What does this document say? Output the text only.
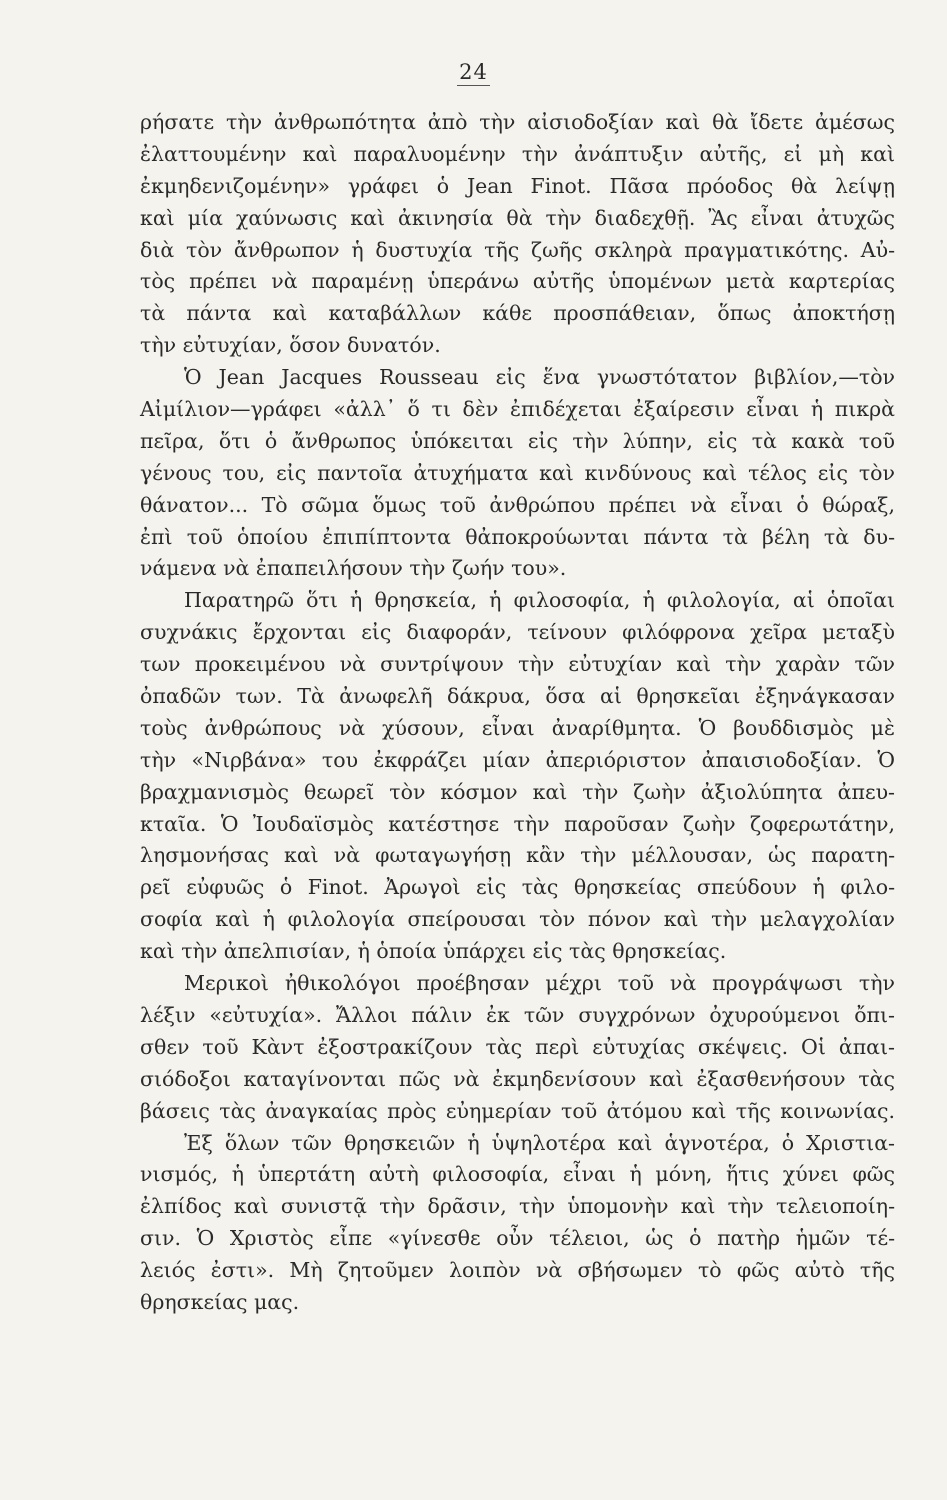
24
ρήσατε τὴν ἀνθρωπότητα ἀπὸ τὴν αἰσιοδοξίαν καὶ θὰ ἴδετε ἀμέσως
ἐλαττουμένην καὶ παραλυομένην τὴν ἀνάπτυξιν αὐτῆς, εἰ μὴ καὶ
ἐκμηδενιζομένην» γράφει ὁ Jean Finot. Πᾶσα πρόοδος θὰ λείψῃ
καὶ μία χαύνωσις καὶ ἀκινησία θὰ τὴν διαδεχθῇ. Ἂς εἶναι ἀτυχῶς
διὰ τὸν ἄνθρωπον ἡ δυστυχία τῆς ζωῆς σκληρὰ πραγματικότης. Αὐ-
τὸς πρέπει νὰ παραμένῃ ὑπεράνω αὐτῆς ὑπομένων μετὰ καρτερίας
τὰ πάντα καὶ καταβάλλων κάθε προσπάθειαν, ὅπως ἀποκτήσῃ
τὴν εὐτυχίαν, ὅσον δυνατόν.
Ὁ Jean Jacques Rousseau εἰς ἕνα γνωστότατον βιβλίον,—τὸν
Αἰμίλιον—γράφει «ἀλλ᾽ ὅ τι δὲν ἐπιδέχεται ἐξαίρεσιν εἶναι ἡ πικρὰ
πεῖρα, ὅτι ὁ ἄνθρωπος ὑπόκειται εἰς τὴν λύπην, εἰς τὰ κακὰ τοῦ
γένους του, εἰς παντοῖα ἀτυχήματα καὶ κινδύνους καὶ τέλος εἰς τὸν
θάνατον... Τὸ σῶμα ὅμως τοῦ ἀνθρώπου πρέπει νὰ εἶναι ὁ θώραξ,
ἐπὶ τοῦ ὁποίου ἐπιπίπτοντα θἀποκρούωνται πάντα τὰ βέλη τὰ δυ-
νάμενα νὰ ἐπαπειλήσουν τὴν ζωήν του».
Παρατηρῶ ὅτι ἡ θρησκεία, ἡ φιλοσοφία, ἡ φιλολογία, αἱ ὁποῖαι
συχνάκις ἔρχονται εἰς διαφοράν, τείνουν φιλόφρονα χεῖρα μεταξὺ
των προκειμένου νὰ συντρίψουν τὴν εὐτυχίαν καὶ τὴν χαρὰν τῶν
ὀπαδῶν των. Τὰ ἀνωφελῆ δάκρυα, ὅσα αἱ θρησκεῖαι ἐξηνάγκασαν
τοὺς ἀνθρώπους νὰ χύσουν, εἶναι ἀναρίθμητα. Ὁ βουδδισμὸς μὲ
τὴν «Νιρβάνα» του ἐκφράζει μίαν ἀπεριόριστον ἀπαισιοδοξίαν. Ὁ
βραχμανισμὸς θεωρεῖ τὸν κόσμον καὶ τὴν ζωὴν ἀξιολύπητα ἀπευ-
κταῖα. Ὁ Ἰουδαϊσμὸς κατέστησε τὴν παροῦσαν ζωὴν ζοφερωτάτην,
λησμονήσας καὶ νὰ φωταγωγήσῃ κἂν τὴν μέλλουσαν, ὡς παρατη-
ρεῖ εὐφυῶς ὁ Finot. Ἀρωγοὶ εἰς τὰς θρησκείας σπεύδουν ἡ φιλο-
σοφία καὶ ἡ φιλολογία σπείρουσαι τὸν πόνον καὶ τὴν μελαγχολίαν
καὶ τὴν ἀπελπισίαν, ἡ ὁποία ὑπάρχει εἰς τὰς θρησκείας.
Μερικοὶ ἠθικολόγοι προέβησαν μέχρι τοῦ νὰ προγράψωσι τὴν
λέξιν «εὐτυχία». Ἄλλοι πάλιν ἐκ τῶν συγχρόνων ὀχυρούμενοι ὄπι-
σθεν τοῦ Κὰντ ἐξοστρακίζουν τὰς περὶ εὐτυχίας σκέψεις. Οἱ ἀπαι-
σιόδοξοι καταγίνονται πῶς νὰ ἐκμηδενίσουν καὶ ἐξασθενήσουν τὰς
βάσεις τὰς ἀναγκαίας πρὸς εὐημερίαν τοῦ ἀτόμου καὶ τῆς κοινωνίας.
Ἐξ ὅλων τῶν θρησκειῶν ἡ ὑψηλοτέρα καὶ ἁγνοτέρα, ὁ Χριστια-
νισμός, ἡ ὑπερτάτη αὐτὴ φιλοσοφία, εἶναι ἡ μόνη, ἥτις χύνει φῶς
ἐλπίδος καὶ συνιστᾷ τὴν δρᾶσιν, τὴν ὑπομονὴν καὶ τὴν τελειοποίη-
σιν. Ὁ Χριστὸς εἶπε «γίνεσθε οὖν τέλειοι, ὡς ὁ πατὴρ ἡμῶν τέ-
λειός ἐστι». Μὴ ζητοῦμεν λοιπὸν νὰ σβήσωμεν τὸ φῶς αὐτὸ τῆς
θρησκείας μας.
